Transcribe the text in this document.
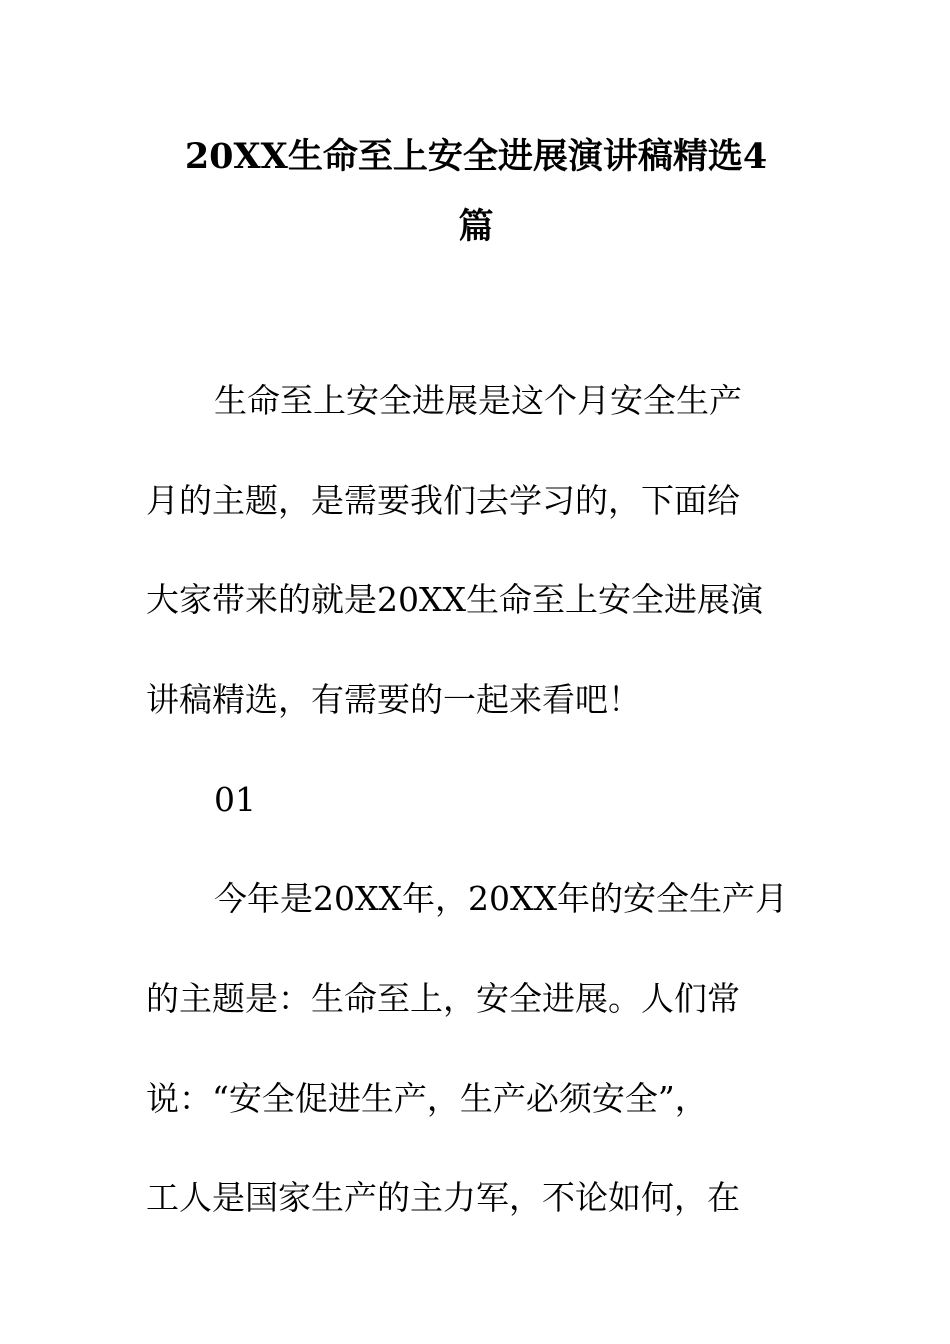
20XX生命至上安全进展演讲稿精选4
篇
生命至上安全进展是这个月安全生产
月的主题，是需要我们去学习的，下面给
大家带来的就是20XX生命至上安全进展演
讲稿精选，有需要的一起来看吧！
01
今年是20XX年，20XX年的安全生产月
的主题是：生命至上，安全进展。人们常
说：“安全促进生产，生产必须安全”，
工人是国家生产的主力军，不论如何，在
